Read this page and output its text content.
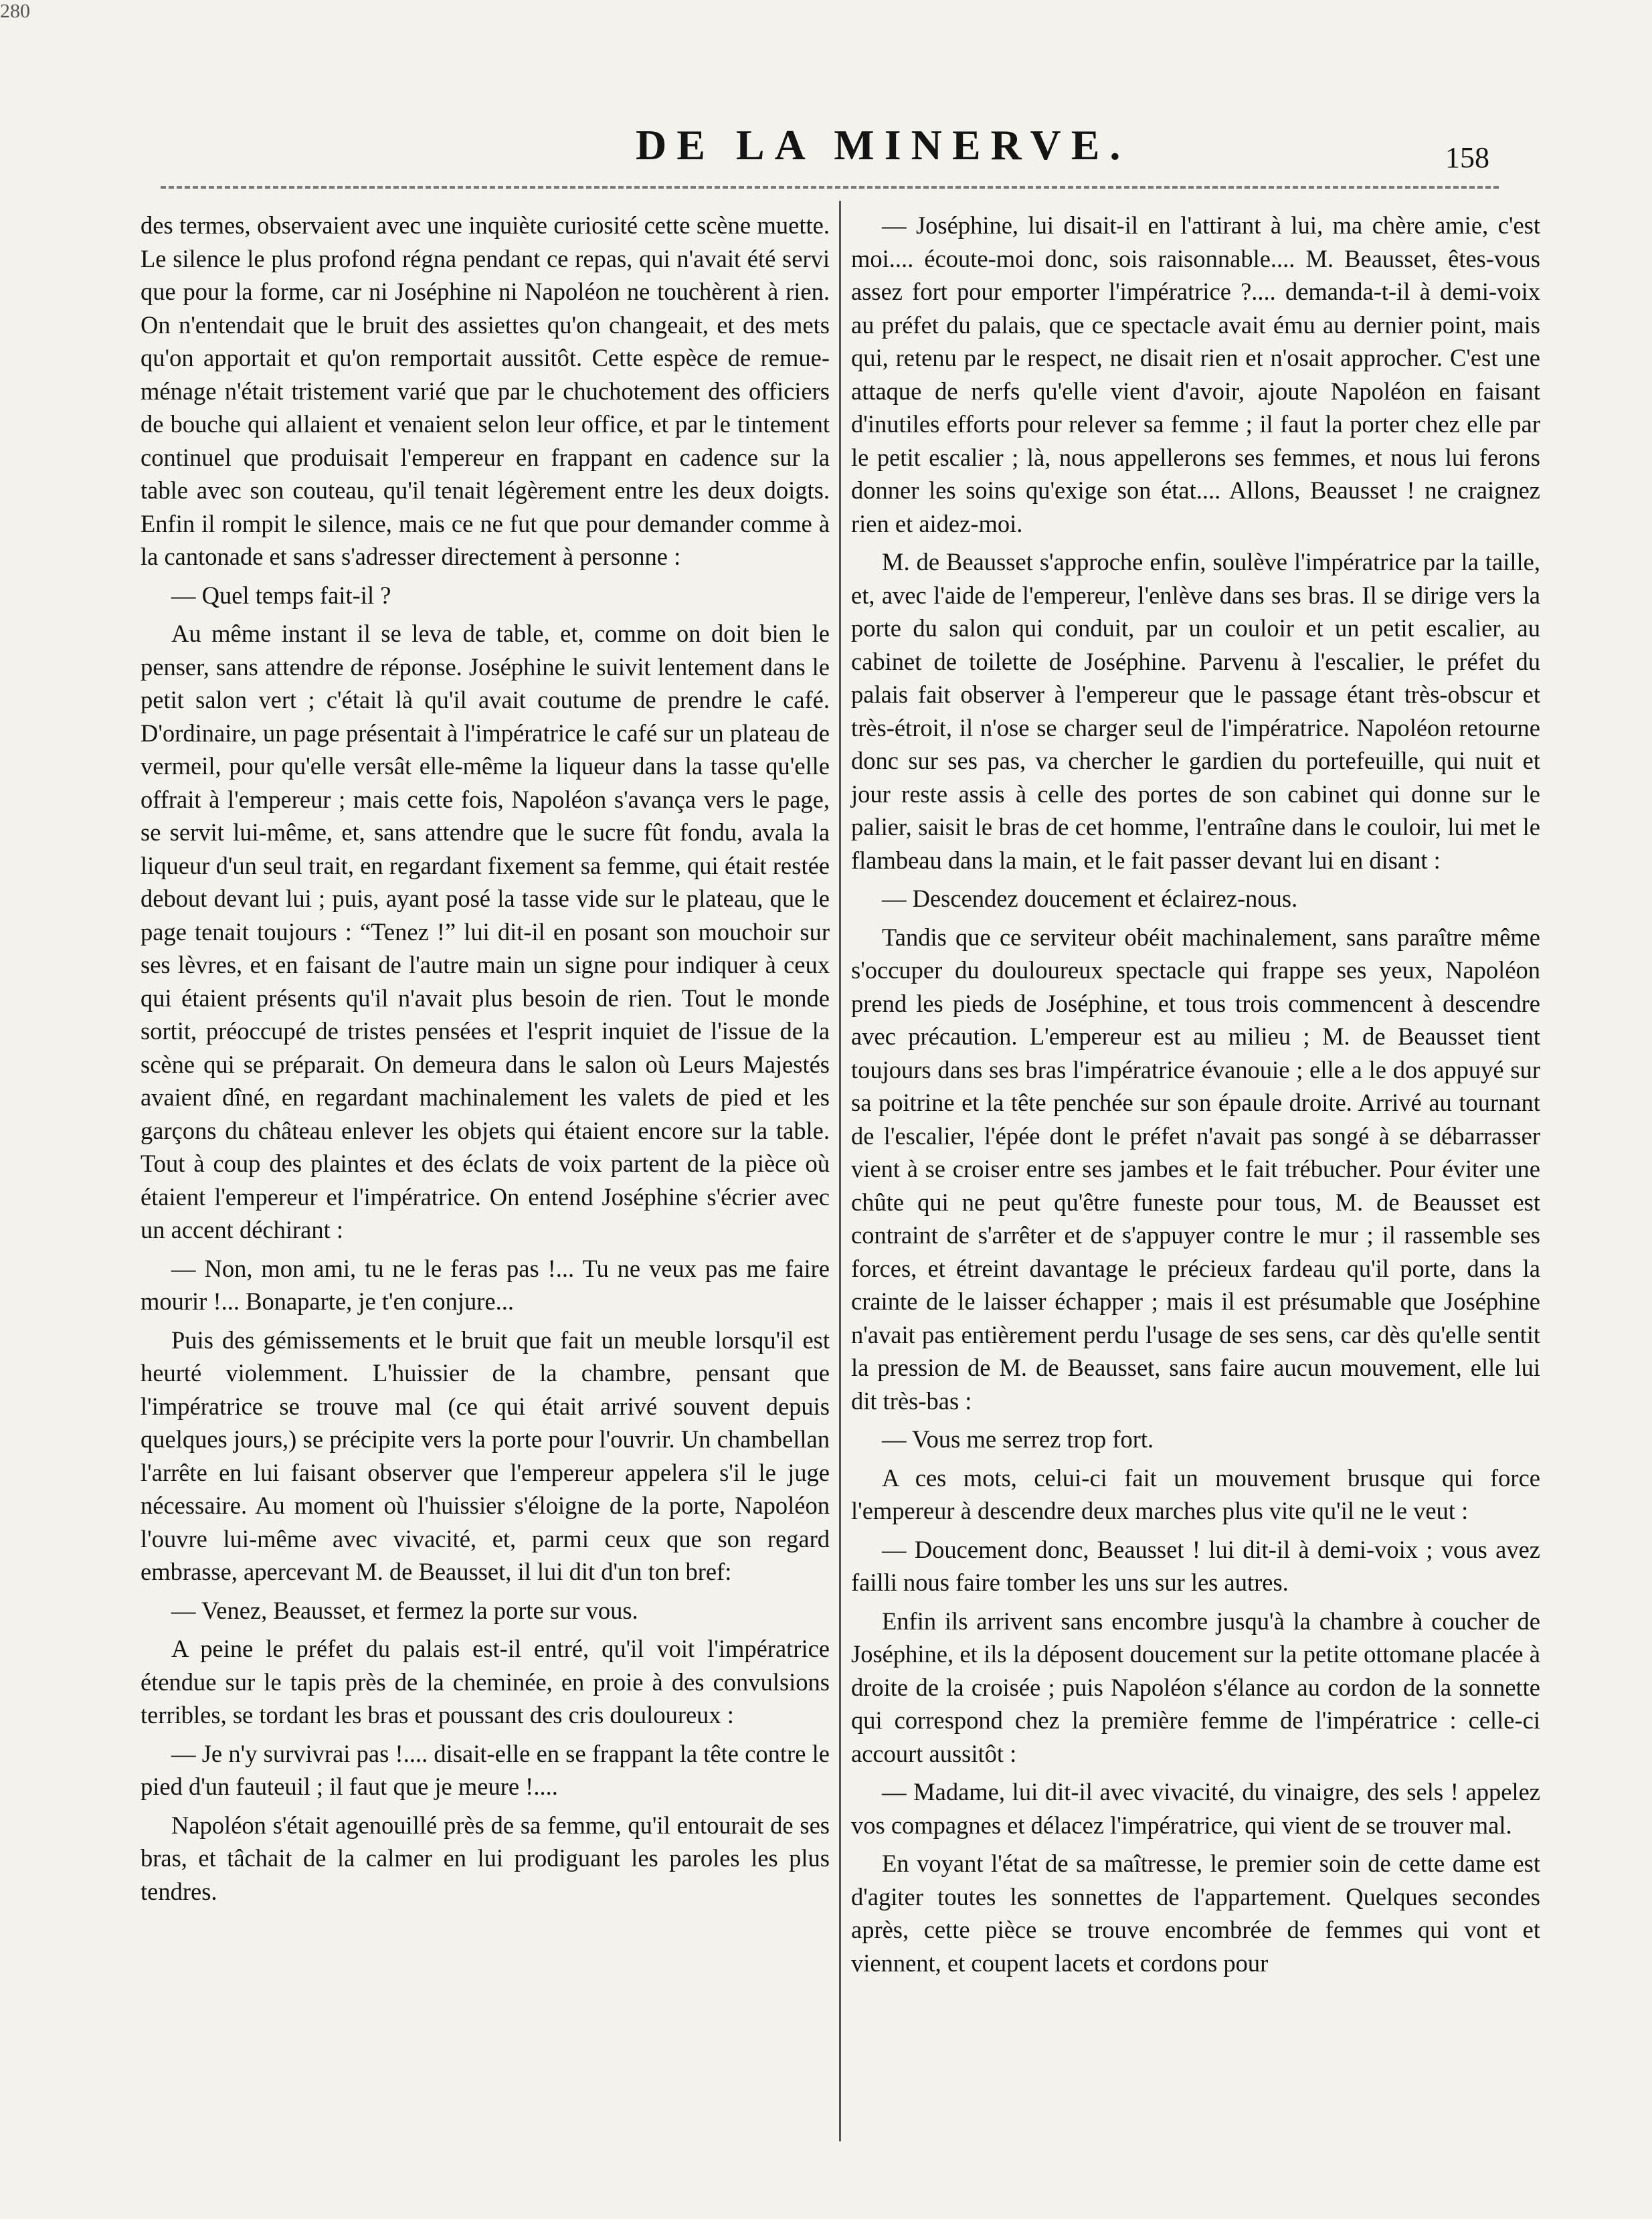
280
DE LA MINERVE.	158

des termes, observaient avec une inquiète curiosité cette scène muette. Le silence le plus profond régna pendant ce repas, qui n'avait été servi que pour la forme, car ni Joséphine ni Napoléon ne touchèrent à rien. On n'entendait que le bruit des assiettes qu'on changeait, et des mets qu'on apportait et qu'on remportait aussitôt. Cette espèce de remue-ménage n'était tristement varié que par le chuchotement des officiers de bouche qui allaient et venaient selon leur office, et par le tintement continuel que produisait l'empereur en frappant en cadence sur la table avec son couteau, qu'il tenait légèrement entre les deux doigts. Enfin il rompit le silence, mais ce ne fut que pour demander comme à la cantonade et sans s'adresser directement à personne :

— Quel temps fait-il ?

Au même instant il se leva de table, et, comme on doit bien le penser, sans attendre de réponse. Joséphine le suivit lentement dans le petit salon vert ; c'était là qu'il avait coutume de prendre le café. D'ordinaire, un page présentait à l'impératrice le café sur un plateau de vermeil, pour qu'elle versât elle-même la liqueur dans la tasse qu'elle offrait à l'empereur ; mais cette fois, Napoléon s'avança vers le page, se servit lui-même, et, sans attendre que le sucre fût fondu, avala la liqueur d'un seul trait, en regardant fixement sa femme, qui était restée debout devant lui ; puis, ayant posé la tasse vide sur le plateau, que le page tenait toujours : “Tenez !” lui dit-il en posant son mouchoir sur ses lèvres, et en faisant de l'autre main un signe pour indiquer à ceux qui étaient présents qu'il n'avait plus besoin de rien. Tout le monde sortit, préoccupé de tristes pensées et l'esprit inquiet de l'issue de la scène qui se préparait. On demeura dans le salon où Leurs Majestés avaient dîné, en regardant machinalement les valets de pied et les garçons du château enlever les objets qui étaient encore sur la table. Tout à coup des plaintes et des éclats de voix partent de la pièce où étaient l'empereur et l'impératrice. On entend Joséphine s'écrier avec un accent déchirant :

— Non, mon ami, tu ne le feras pas !... Tu ne veux pas me faire mourir !... Bonaparte, je t'en conjure...

Puis des gémissements et le bruit que fait un meuble lorsqu'il est heurté violemment. L'huissier de la chambre, pensant que l'impératrice se trouve mal (ce qui était arrivé souvent depuis quelques jours,) se précipite vers la porte pour l'ouvrir. Un chambellan l'arrête en lui faisant observer que l'empereur appelera s'il le juge nécessaire. Au moment où l'huissier s'éloigne de la porte, Napoléon l'ouvre lui-même avec vivacité, et, parmi ceux que son regard embrasse, apercevant M. de Beausset, il lui dit d'un ton bref:

— Venez, Beausset, et fermez la porte sur vous.

A peine le préfet du palais est-il entré, qu'il voit l'impératrice étendue sur le tapis près de la cheminée, en proie à des convulsions terribles, se tordant les bras et poussant des cris douloureux :

— Je n'y survivrai pas !.... disait-elle en se frappant la tête contre le pied d'un fauteuil ; il faut que je meure !....

Napoléon s'était agenouillé près de sa femme, qu'il entourait de ses bras, et tâchait de la calmer en lui prodiguant les paroles les plus tendres.

— Joséphine, lui disait-il en l'attirant à lui, ma chère amie, c'est moi.... écoute-moi donc, sois raisonnable.... M. Beausset, êtes-vous assez fort pour emporter l'impératrice ?.... demanda-t-il à demi-voix au préfet du palais, que ce spectacle avait ému au dernier point, mais qui, retenu par le respect, ne disait rien et n'osait approcher. C'est une attaque de nerfs qu'elle vient d'avoir, ajoute Napoléon en faisant d'inutiles efforts pour relever sa femme ; il faut la porter chez elle par le petit escalier ; là, nous appellerons ses femmes, et nous lui ferons donner les soins qu'exige son état.... Allons, Beausset ! ne craignez rien et aidez-moi.

M. de Beausset s'approche enfin, soulève l'impératrice par la taille, et, avec l'aide de l'empereur, l'enlève dans ses bras. Il se dirige vers la porte du salon qui conduit, par un couloir et un petit escalier, au cabinet de toilette de Joséphine. Parvenu à l'escalier, le préfet du palais fait observer à l'empereur que le passage étant très-obscur et très-étroit, il n'ose se charger seul de l'impératrice. Napoléon retourne donc sur ses pas, va chercher le gardien du portefeuille, qui nuit et jour reste assis à celle des portes de son cabinet qui donne sur le palier, saisit le bras de cet homme, l'entraîne dans le couloir, lui met le flambeau dans la main, et le fait passer devant lui en disant :

— Descendez doucement et éclairez-nous.

Tandis que ce serviteur obéit machinalement, sans paraître même s'occuper du douloureux spectacle qui frappe ses yeux, Napoléon prend les pieds de Joséphine, et tous trois commencent à descendre avec précaution. L'empereur est au milieu ; M. de Beausset tient toujours dans ses bras l'impératrice évanouie ; elle a le dos appuyé sur sa poitrine et la tête penchée sur son épaule droite. Arrivé au tournant de l'escalier, l'épée dont le préfet n'avait pas songé à se débarrasser vient à se croiser entre ses jambes et le fait trébucher. Pour éviter une chûte qui ne peut qu'être funeste pour tous, M. de Beausset est contraint de s'arrêter et de s'appuyer contre le mur ; il rassemble ses forces, et étreint davantage le précieux fardeau qu'il porte, dans la crainte de le laisser échapper ; mais il est présumable que Joséphine n'avait pas entièrement perdu l'usage de ses sens, car dès qu'elle sentit la pression de M. de Beausset, sans faire aucun mouvement, elle lui dit très-bas :

— Vous me serrez trop fort.

A ces mots, celui-ci fait un mouvement brusque qui force l'empereur à descendre deux marches plus vite qu'il ne le veut :

— Doucement donc, Beausset ! lui dit-il à demi-voix ; vous avez failli nous faire tomber les uns sur les autres.

Enfin ils arrivent sans encombre jusqu'à la chambre à coucher de Joséphine, et ils la déposent doucement sur la petite ottomane placée à droite de la croisée ; puis Napoléon s'élance au cordon de la sonnette qui correspond chez la première femme de l'impératrice : celle-ci accourt aussitôt :

— Madame, lui dit-il avec vivacité, du vinaigre, des sels ! appelez vos compagnes et délacez l'impératrice, qui vient de se trouver mal.

En voyant l'état de sa maîtresse, le premier soin de cette dame est d'agiter toutes les sonnettes de l'appartement. Quelques secondes après, cette pièce se trouve encombrée de femmes qui vont et viennent, et coupent lacets et cordons pour
